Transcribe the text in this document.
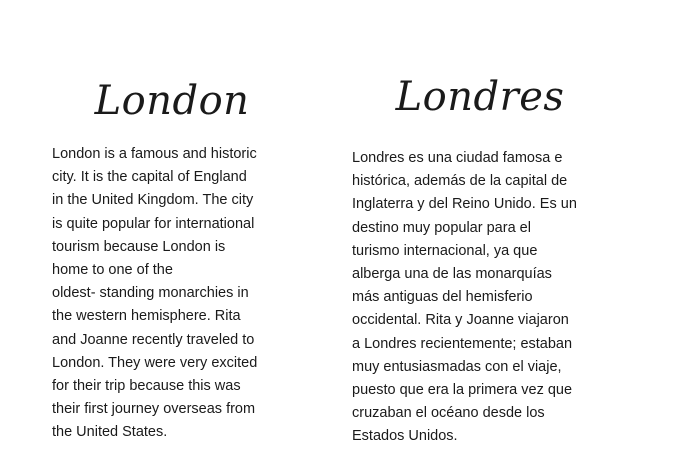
London

London is a famous and historic
city. It is the capital of England
in the United Kingdom. The city
is quite popular for international
tourism because London is
home to one of the
oldest- standing monarchies in
the western hemisphere. Rita
and Joanne recently traveled to
London. They were very excited
for their trip because this was
their first journey overseas from
the United States.

Londres

Londres es una ciudad famosa e
histórica, además de la capital de
Inglaterra y del Reino Unido. Es un
destino muy popular para el
turismo internacional, ya que
alberga una de las monarquías
más antiguas del hemisferio
occidental. Rita y Joanne viajaron
a Londres recientemente; estaban
muy entusiasmadas con el viaje,
puesto que era la primera vez que
cruzaban el océano desde los
Estados Unidos.
